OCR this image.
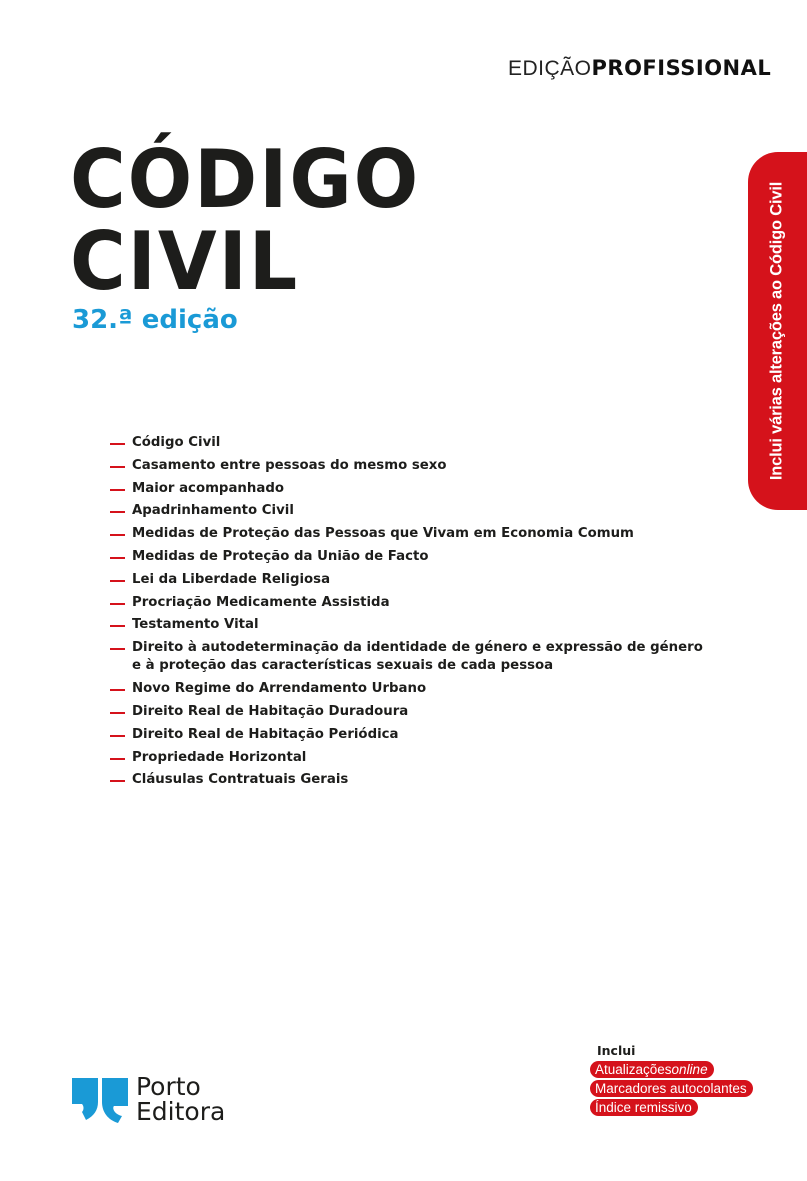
EDIÇÃOPROFISSIONAL
CÓDIGO
CIVIL
32.ª edição	Inclui várias alterações ao Código Civil
Código Civil
Casamento entre pessoas do mesmo sexo
Maior acompanhado
Apadrinhamento Civil
Medidas de Proteção das Pessoas que Vivam em Economia Comum
Medidas de Proteção da União de Facto
Lei da Liberdade Religiosa
Procriação Medicamente Assistida
Testamento Vital
Direito à autodeterminação da identidade de género e expressão de género
e à proteção das características sexuais de cada pessoa
Novo Regime do Arrendamento Urbano
Direito Real de Habitação Duradoura
Direito Real de Habitação Periódica
Propriedade Horizontal
Cláusulas Contratuais Gerais
Inclui
Atualizaçõesonline
Marcadores autocolantes
Índice remissivo
Porto
Editora
